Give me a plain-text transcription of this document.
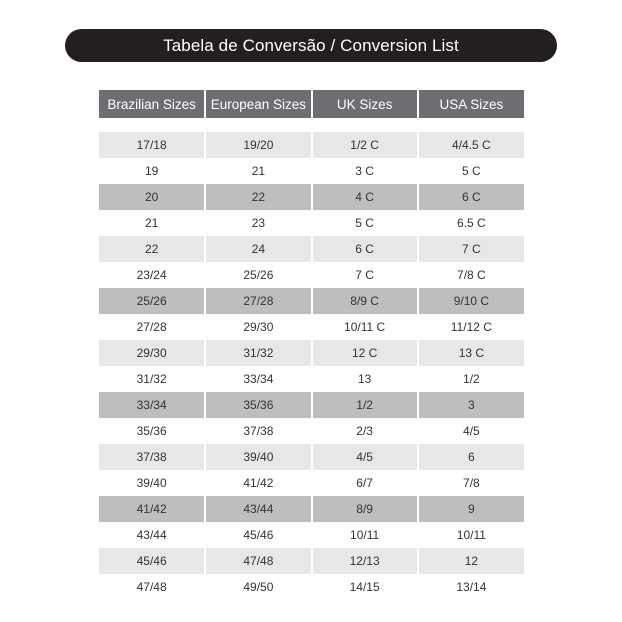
Tabela de Conversão / Conversion List
Brazilian Sizes	European Sizes	UK Sizes	USA Sizes

17/18	19/20	1/2 C	4/4.5 C
19	21	3 C	5 C
20	22	4 C	6 C
21	23	5 C	6.5 C
22	24	6 C	7 C
23/24	25/26	7 C	7/8 C
25/26	27/28	8/9 C	9/10 C
27/28	29/30	10/11 C	11/12 C
29/30	31/32	12 C	13 C
31/32	33/34	13	1/2
33/34	35/36	1/2	3
35/36	37/38	2/3	4/5
37/38	39/40	4/5	6
39/40	41/42	6/7	7/8
41/42	43/44	8/9	9
43/44	45/46	10/11	10/11
45/46	47/48	12/13	12
47/48	49/50	14/15	13/14
